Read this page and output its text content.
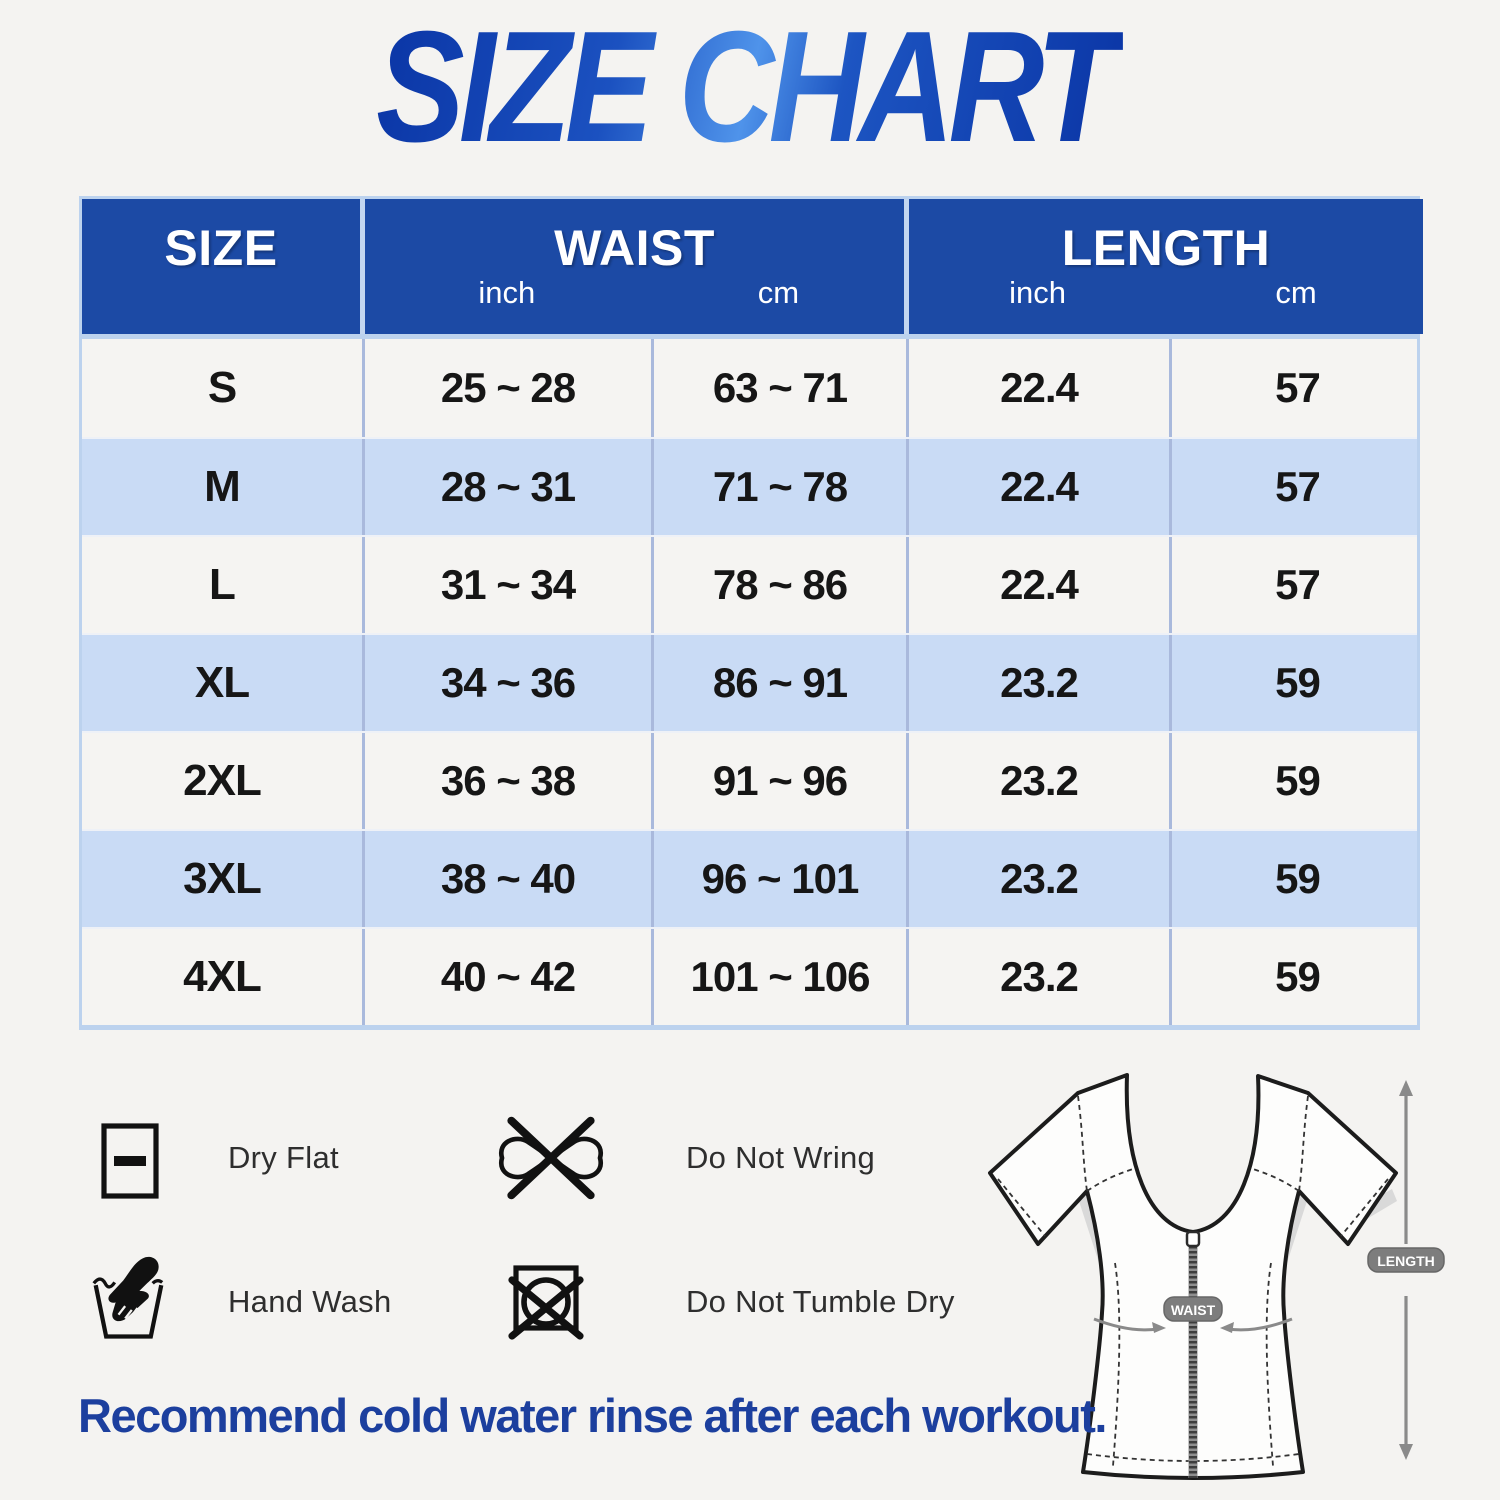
SIZE CHART
SIZE	WAIST
inch	cm
LENGTH
inch	cm
S	25 ~ 28	63 ~ 71	22.4	57
M	28 ~ 31	71 ~ 78	22.4	57
L	31 ~ 34	78 ~ 86	22.4	57
XL	34 ~ 36	86 ~ 91	23.2	59
2XL	36 ~ 38	91 ~ 96	23.2	59
3XL	38 ~ 40	96 ~ 101	23.2	59
4XL	40 ~ 42	101 ~ 106	23.2	59
Dry Flat	Do Not Wring
Hand Wash	Do Not Tumble Dry	WAIST
LENGTH
Recommend cold water rinse after each workout.
